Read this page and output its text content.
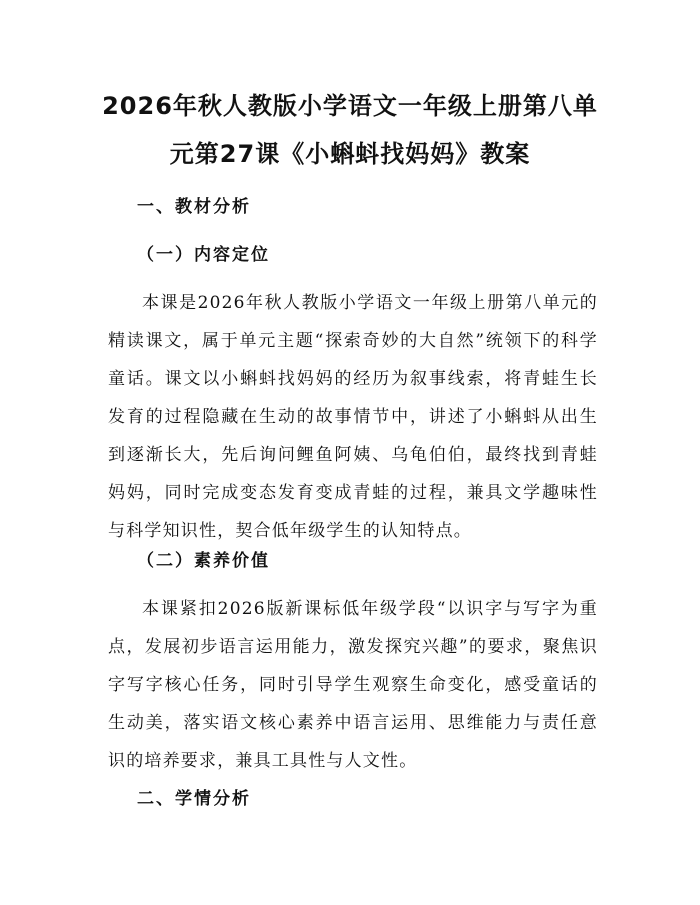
2026年秋人教版小学语文一年级上册第八单
元第27课《小蝌蚪找妈妈》教案
一、教材分析
（一）内容定位

本课是2026年秋人教版小学语文一年级上册第八单元的精读课文，属于单元主题“探索奇妙的大自然”统领下的科学童话。课文以小蝌蚪找妈妈的经历为叙事线索，将青蛙生长发育的过程隐藏在生动的故事情节中，讲述了小蝌蚪从出生到逐渐长大，先后询问鲤鱼阿姨、乌龟伯伯，最终找到青蛙妈妈，同时完成变态发育变成青蛙的过程，兼具文学趣味性与科学知识性，契合低年级学生的认知特点。

（二）素养价值

本课紧扣2026版新课标低年级学段“以识字与写字为重点，发展初步语言运用能力，激发探究兴趣”的要求，聚焦识字写字核心任务，同时引导学生观察生命变化，感受童话的生动美，落实语文核心素养中语言运用、思维能力与责任意识的培养要求，兼具工具性与人文性。

二、学情分析
